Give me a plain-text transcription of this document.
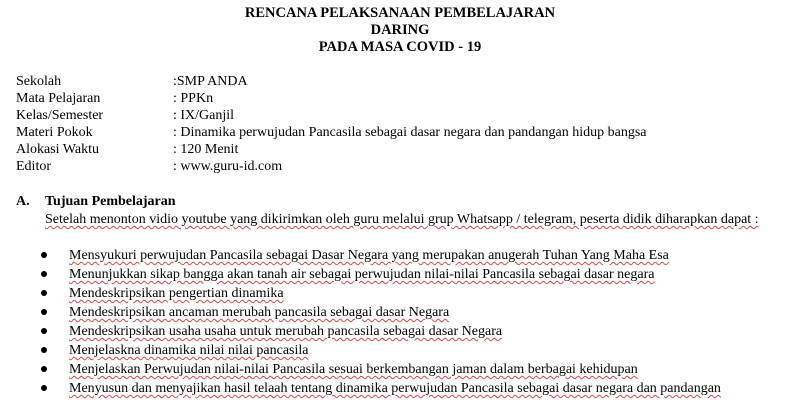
RENCANA PELAKSANAAN PEMBELAJARAN
DARING
PADA MASA COVID - 19
Sekolah	:SMP ANDA
Mata Pelajaran	: PPKn
Kelas/Semester	: IX/Ganjil
Materi Pokok	: Dinamika perwujudan Pancasila sebagai dasar negara dan pandangan hidup bangsa
Alokasi Waktu	: 120 Menit
Editor	: www.guru-id.com
A. Tujuan Pembelajaran
Setelah menonton vidio youtube yang dikirimkan oleh guru melalui grup Whatsapp / telegram, peserta didik diharapkan dapat :
Mensyukuri perwujudan Pancasila sebagai Dasar Negara yang merupakan anugerah Tuhan Yang Maha Esa
Menunjukkan sikap bangga akan tanah air sebagai perwujudan nilai-nilai Pancasila sebagai dasar negara
Mendeskripsikan pengertian dinamika
Mendeskripsikan ancaman merubah pancasila sebagai dasar Negara
Mendeskripsikan usaha usaha untuk merubah pancasila sebagai dasar Negara
Menjelaskna dinamika nilai nilai pancasila
Menjelaskan Perwujudan nilai-nilai Pancasila sesuai berkembangan jaman dalam berbagai kehidupan
Menyusun dan menyajikan hasil telaah tentang dinamika perwujudan Pancasila sebagai dasar negara dan pandangan
